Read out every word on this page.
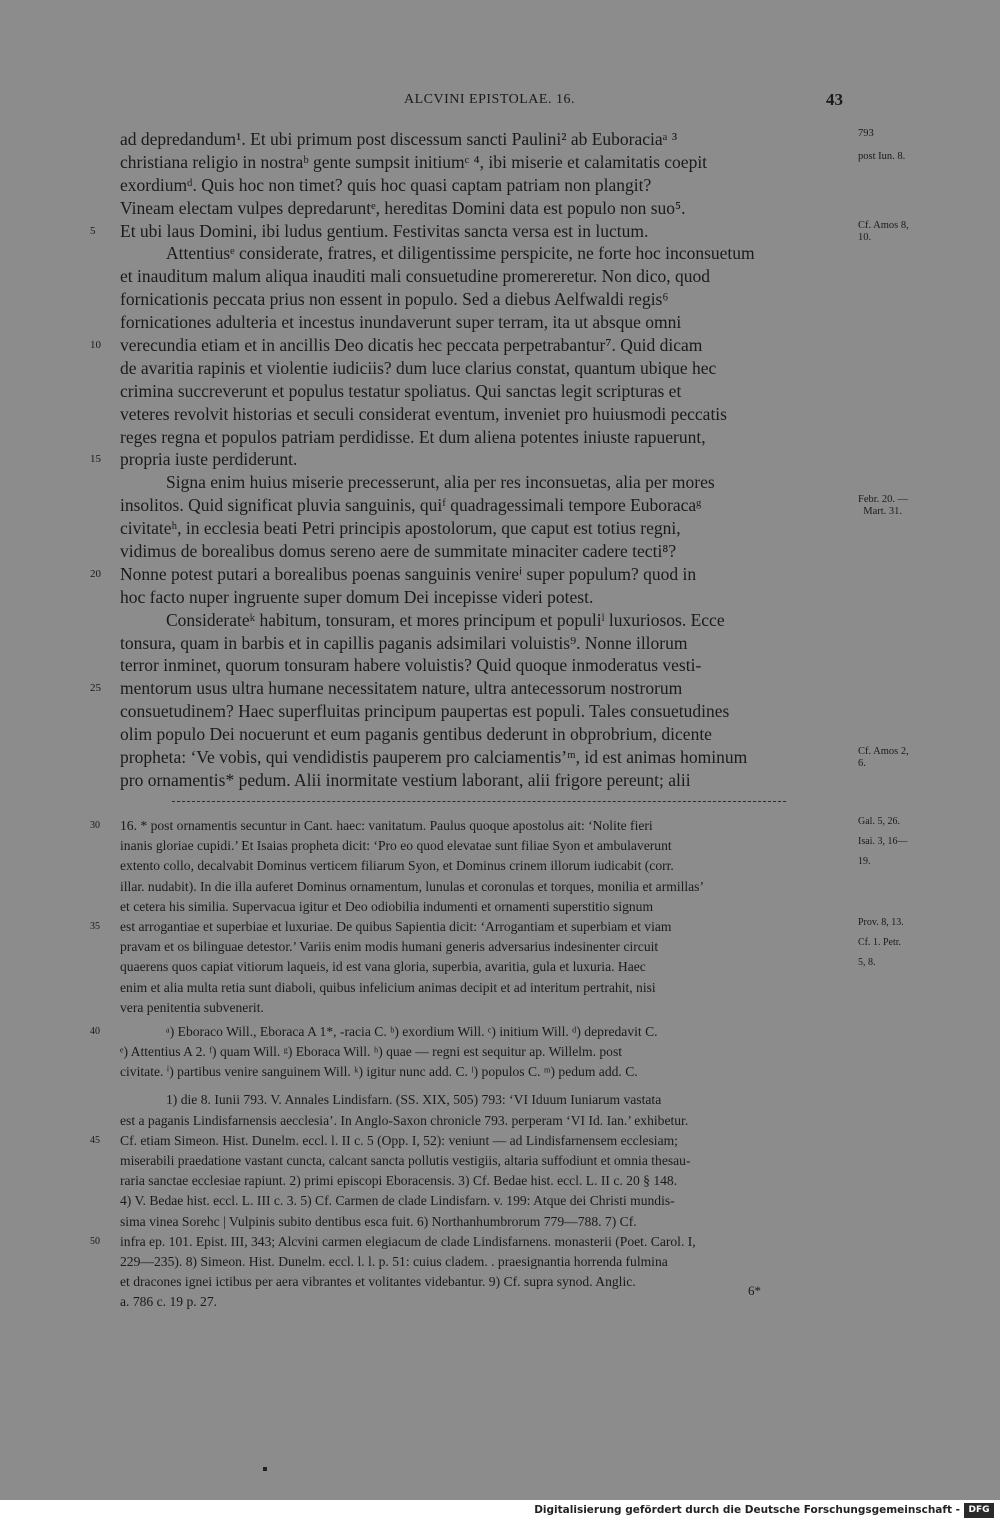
ALCVINI EPISTOLAE. 16.	43
ad depredandum¹. Et ubi primum post discessum sancti Paulini² ab Euboraciaᵃ ³	793
christiana religio in nostraᵇ gente sumpsit initiumᶜ ⁴, ibi miserie et calamitatis coepit	post Iun. 8.
exordiumᵈ. Quis hoc non timet? quis hoc quasi captam patriam non plangit?
Vineam electam vulpes depredaruntᵉ, hereditas Domini data est populo non suo⁵.
5 Et ubi laus Domini, ibi ludus gentium. Festivitas sancta versa est in luctum.	Cf. Amos 8,
10.
Attentiusᵉ considerate, fratres, et diligentissime perspicite, ne forte hoc inconsuetum
et inauditum malum aliqua inauditi mali consuetudine promereretur. Non dico, quod
fornicationis peccata prius non essent in populo. Sed a diebus Aelfwaldi regis⁶
fornicationes adulteria et incestus inundaverunt super terram, ita ut absque omni
10 verecundia etiam et in ancillis Deo dicatis hec peccata perpetrabantur⁷. Quid dicam
de avaritia rapinis et violentie iudiciis? dum luce clarius constat, quantum ubique hec
crimina succreverunt et populus testatur spoliatus. Qui sanctas legit scripturas et
veteres revolvit historias et seculi considerat eventum, inveniet pro huiusmodi peccatis
reges regna et populos patriam perdidisse. Et dum aliena potentes iniuste rapuerunt,
15 propria iuste perdiderunt.
Signa enim huius miserie precesserunt, alia per res inconsuetas, alia per mores
insolitos. Quid significat pluvia sanguinis, quiᶠ quadragessimali tempore Euboracaᵍ	Febr. 20. —
Mart. 31.
civitateʰ, in ecclesia beati Petri principis apostolorum, que caput est totius regni,
vidimus de borealibus domus sereno aere de summitate minaciter cadere tecti⁸?
20 Nonne potest putari a borealibus poenas sanguinis venireⁱ super populum? quod in
hoc facto nuper ingruente super domum Dei incepisse videri potest.
Considerateᵏ habitum, tonsuram, et mores principum et populiˡ luxuriosos. Ecce
tonsura, quam in barbis et in capillis paganis adsimilari voluistis⁹. Nonne illorum
terror inminet, quorum tonsuram habere voluistis? Quid quoque inmoderatus vesti-
25 mentorum usus ultra humane necessitatem nature, ultra antecessorum nostrorum
consuetudinem? Haec superfluitas principum paupertas est populi. Tales consuetudines
olim populo Dei nocuerunt et eum paganis gentibus dederunt in obprobrium, dicente
propheta: ‘Ve vobis, qui vendidistis pauperem pro calciamentis’ᵐ, id est animas hominum	Cf. Amos 2,
6.
pro ornamentis* pedum. Alii inormitate vestium laborant, alii frigore pereunt; alii
30 16. * post ornamentis secuntur in Cant. haec: vanitatum. Paulus quoque apostolus ait: ‘Nolite fieri	Gal. 5, 26.
inanis gloriae cupidi.’ Et Isaias propheta dicit: ‘Pro eo quod elevatae sunt filiae Syon et ambulaverunt	Isai. 3, 16—
extento collo, decalvabit Dominus verticem filiarum Syon, et Dominus crinem illorum iudicabit (corr.	19.
illar. nudabit). In die illa auferet Dominus ornamentum, lunulas et coronulas et torques, monilia et armillas’
et cetera his similia. Supervacua igitur et Deo odiobilia indumenti et ornamenti superstitio signum
35 est arrogantiae et superbiae et luxuriae. De quibus Sapientia dicit: ‘Arrogantiam et superbiam et viam	Prov. 8, 13.
pravam et os bilinguae detestor.’ Variis enim modis humani generis adversarius indesinenter circuit	Cf. 1. Petr.
quaerens quos capiat vitiorum laqueis, id est vana gloria, superbia, avaritia, gula et luxuria. Haec	5, 8.
enim et alia multa retia sunt diaboli, quibus infelicium animas decipit et ad interitum pertrahit, nisi
vera penitentia subvenerit.
40	ᵃ) Eboraco Will., Eboraca A 1*, -racia C. ᵇ) exordium Will. ᶜ) initium Will. ᵈ) depredavit C.
ᵉ) Attentius A 2. ᶠ) quam Will. ᵍ) Eboraca Will. ʰ) quae — regni est sequitur ap. Willelm. post
civitate. ⁱ) partibus venire sanguinem Will. ᵏ) igitur nunc add. C. ˡ) populos C. ᵐ) pedum add. C.
1) die 8. Iunii 793. V. Annales Lindisfarn. (SS. XIX, 505) 793: ‘VI Iduum Iuniarum vastata
est a paganis Lindisfarnensis aecclesia’. In Anglo-Saxon chronicle 793. perperam ‘VI Id. Ian.’ exhibetur.
45 Cf. etiam Simeon. Hist. Dunelm. eccl. l. II c. 5 (Opp. I, 52): veniunt — ad Lindisfarnensem ecclesiam;
miserabili praedatione vastant cuncta, calcant sancta pollutis vestigiis, altaria suffodiunt et omnia thesau-
raria sanctae ecclesiae rapiunt. 2) primi episcopi Eboracensis. 3) Cf. Bedae hist. eccl. L. II c. 20 § 148.
4) V. Bedae hist. eccl. L. III c. 3. 5) Cf. Carmen de clade Lindisfarn. v. 199: Atque dei Christi mundis-
sima vinea Sorehc | Vulpinis subito dentibus esca fuit. 6) Northanhumbrorum 779—788. 7) Cf.
50 infra ep. 101. Epist. III, 343; Alcvini carmen elegiacum de clade Lindisfarnens. monasterii (Poet. Carol. I,
229—235). 8) Simeon. Hist. Dunelm. eccl. l. l. p. 51: cuius cladem. . praesignantia horrenda fulmina
et dracones ignei ictibus per aera vibrantes et volitantes videbantur. 9) Cf. supra synod. Anglic.
a. 786 c. 19 p. 27.
6*
Digitalisierung gefördert durch die Deutsche Forschungsgemeinschaft - DFG
